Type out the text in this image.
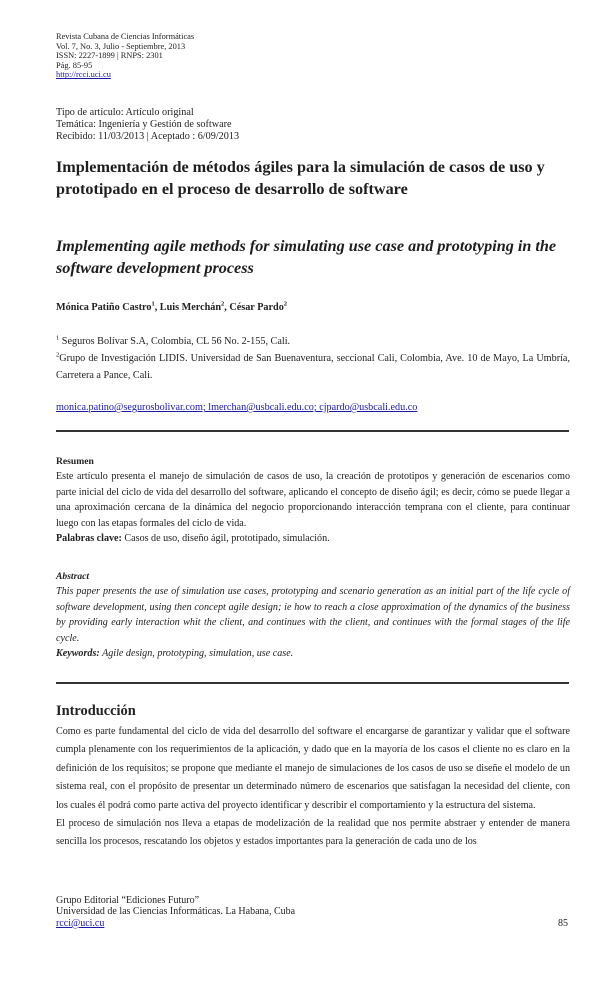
Revista Cubana de Ciencias Informáticas
Vol. 7, No. 3, Julio - Septiembre, 2013
ISSN: 2227-1899 | RNPS: 2301
Pág. 85-95
http://rcci.uci.cu
Tipo de artículo: Artículo original
Temática: Ingeniería y Gestión de software
Recibido: 11/03/2013 | Aceptado : 6/09/2013
Implementación de métodos ágiles para la simulación de casos de uso y prototipado en el proceso de desarrollo de software
Implementing agile methods for simulating use case and prototyping in the software development process
Mónica Patiño Castro$^1$, Luis Merchán$^2$, César Pardo$^2$
$^1$ Seguros Bolívar S.A, Colombia, CL 56 No. 2-155, Cali.
$^2$Grupo de Investigación LIDIS. Universidad de San Buenaventura, seccional Cali, Colombia, Ave. 10 de Mayo, La Umbría, Carretera a Pance, Cali.
monica.patino@segurosbolivar.com; lmerchan@usbcali.edu.co; cjpardo@usbcali.edu.co
Resumen
Este artículo presenta el manejo de simulación de casos de uso, la creación de prototipos y generación de escenarios como parte inicial del ciclo de vida del desarrollo del software, aplicando el concepto de diseño ágil; es decir, cómo se puede llegar a una aproximación cercana de la dinámica del negocio proporcionando interacción temprana con el cliente, para continuar luego con las etapas formales del ciclo de vida.
Palabras clave: Casos de uso, diseño ágil, prototipado, simulación.
Abstract
This paper presents the use of simulation use cases, prototyping and scenario generation as an initial part of the life cycle of software development, using then concept agile design; ie how to reach a close approximation of the dynamics of the business by providing early interaction whit the client, and continues with the client, and continues with the formal stages of the life cycle.
Keywords: Agile design, prototyping, simulation, use case.
Introducción

Como es parte fundamental del ciclo de vida del desarrollo del software el encargarse de garantizar y validar que el software cumpla plenamente con los requerimientos de la aplicación, y dado que en la mayoría de los casos el cliente no es claro en la definición de los requisitos; se propone que mediante el manejo de simulaciones de los casos de uso se diseñe el modelo de un sistema real, con el propósito de presentar un determinado número de escenarios que satisfagan la necesidad del cliente, con los cuales él podrá como parte activa del proyecto identificar y describir el comportamiento y la estructura del sistema.

El proceso de simulación nos lleva a etapas de modelización de la realidad que nos permite abstraer y entender de manera sencilla los procesos, rescatando los objetos y estados importantes para la generación de cada uno de los

Grupo Editorial “Ediciones Futuro”
Universidad de las Ciencias Informáticas. La Habana, Cuba
rcci@uci.cu	85
